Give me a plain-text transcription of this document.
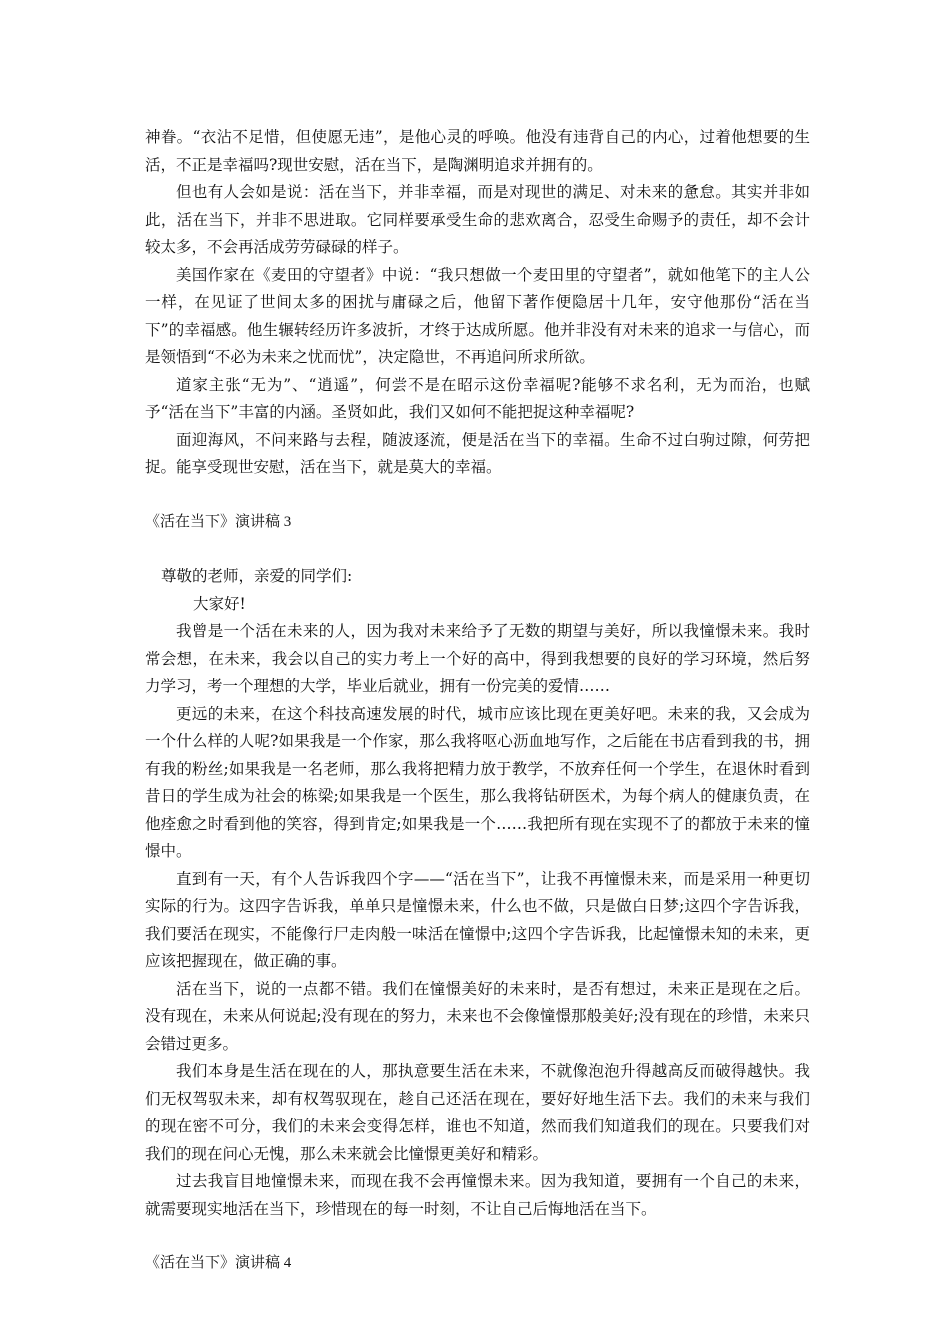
神眷。“衣沾不足惜，但使愿无违”，是他心灵的呼唤。他没有违背自己的内心，过着他想要的生活，不正是幸福吗?现世安慰，活在当下，是陶渊明追求并拥有的。

但也有人会如是说：活在当下，并非幸福，而是对现世的满足、对未来的惫怠。其实并非如此，活在当下，并非不思进取。它同样要承受生命的悲欢离合，忍受生命赐予的责任，却不会计较太多，不会再活成劳劳碌碌的样子。

美国作家在《麦田的守望者》中说：“我只想做一个麦田里的守望者”，就如他笔下的主人公一样，在见证了世间太多的困扰与庸碌之后，他留下著作便隐居十几年，安守他那份“活在当下”的幸福感。他生辗转经历许多波折，才终于达成所愿。他并非没有对未来的追求一与信心，而是领悟到“不必为未来之忧而忧”，决定隐世，不再追问所求所欲。

道家主张“无为”、“逍遥”，何尝不是在昭示这份幸福呢?能够不求名利，无为而治，也赋予“活在当下”丰富的内涵。圣贤如此，我们又如何不能把捉这种幸福呢?

面迎海风，不问来路与去程，随波逐流，便是活在当下的幸福。生命不过白驹过隙，何劳把捉。能享受现世安慰，活在当下，就是莫大的幸福。

《活在当下》演讲稿 3

尊敬的老师，亲爱的同学们:

大家好!

我曾是一个活在未来的人，因为我对未来给予了无数的期望与美好，所以我憧憬未来。我时常会想，在未来，我会以自己的实力考上一个好的高中，得到我想要的良好的学习环境，然后努力学习，考一个理想的大学，毕业后就业，拥有一份完美的爱情……

更远的未来，在这个科技高速发展的时代，城市应该比现在更美好吧。未来的我，又会成为一个什么样的人呢?如果我是一个作家，那么我将呕心沥血地写作，之后能在书店看到我的书，拥有我的粉丝;如果我是一名老师，那么我将把精力放于教学，不放弃任何一个学生，在退休时看到昔日的学生成为社会的栋梁;如果我是一个医生，那么我将钻研医术，为每个病人的健康负责，在他痊愈之时看到他的笑容，得到肯定;如果我是一个……我把所有现在实现不了的都放于未来的憧憬中。

直到有一天，有个人告诉我四个字——“活在当下”，让我不再憧憬未来，而是采用一种更切实际的行为。这四字告诉我，单单只是憧憬未来，什么也不做，只是做白日梦;这四个字告诉我，我们要活在现实，不能像行尸走肉般一味活在憧憬中;这四个字告诉我，比起憧憬未知的未来，更应该把握现在，做正确的事。

活在当下，说的一点都不错。我们在憧憬美好的未来时，是否有想过，未来正是现在之后。没有现在，未来从何说起;没有现在的努力，未来也不会像憧憬那般美好;没有现在的珍惜，未来只会错过更多。

我们本身是生活在现在的人，那执意要生活在未来，不就像泡泡升得越高反而破得越快。我们无权驾驭未来，却有权驾驭现在，趁自己还活在现在，要好好地生活下去。我们的未来与我们的现在密不可分，我们的未来会变得怎样，谁也不知道，然而我们知道我们的现在。只要我们对我们的现在问心无愧，那么未来就会比憧憬更美好和精彩。

过去我盲目地憧憬未来，而现在我不会再憧憬未来。因为我知道，要拥有一个自己的未来，就需要现实地活在当下，珍惜现在的每一时刻，不让自己后悔地活在当下。

《活在当下》演讲稿 4
